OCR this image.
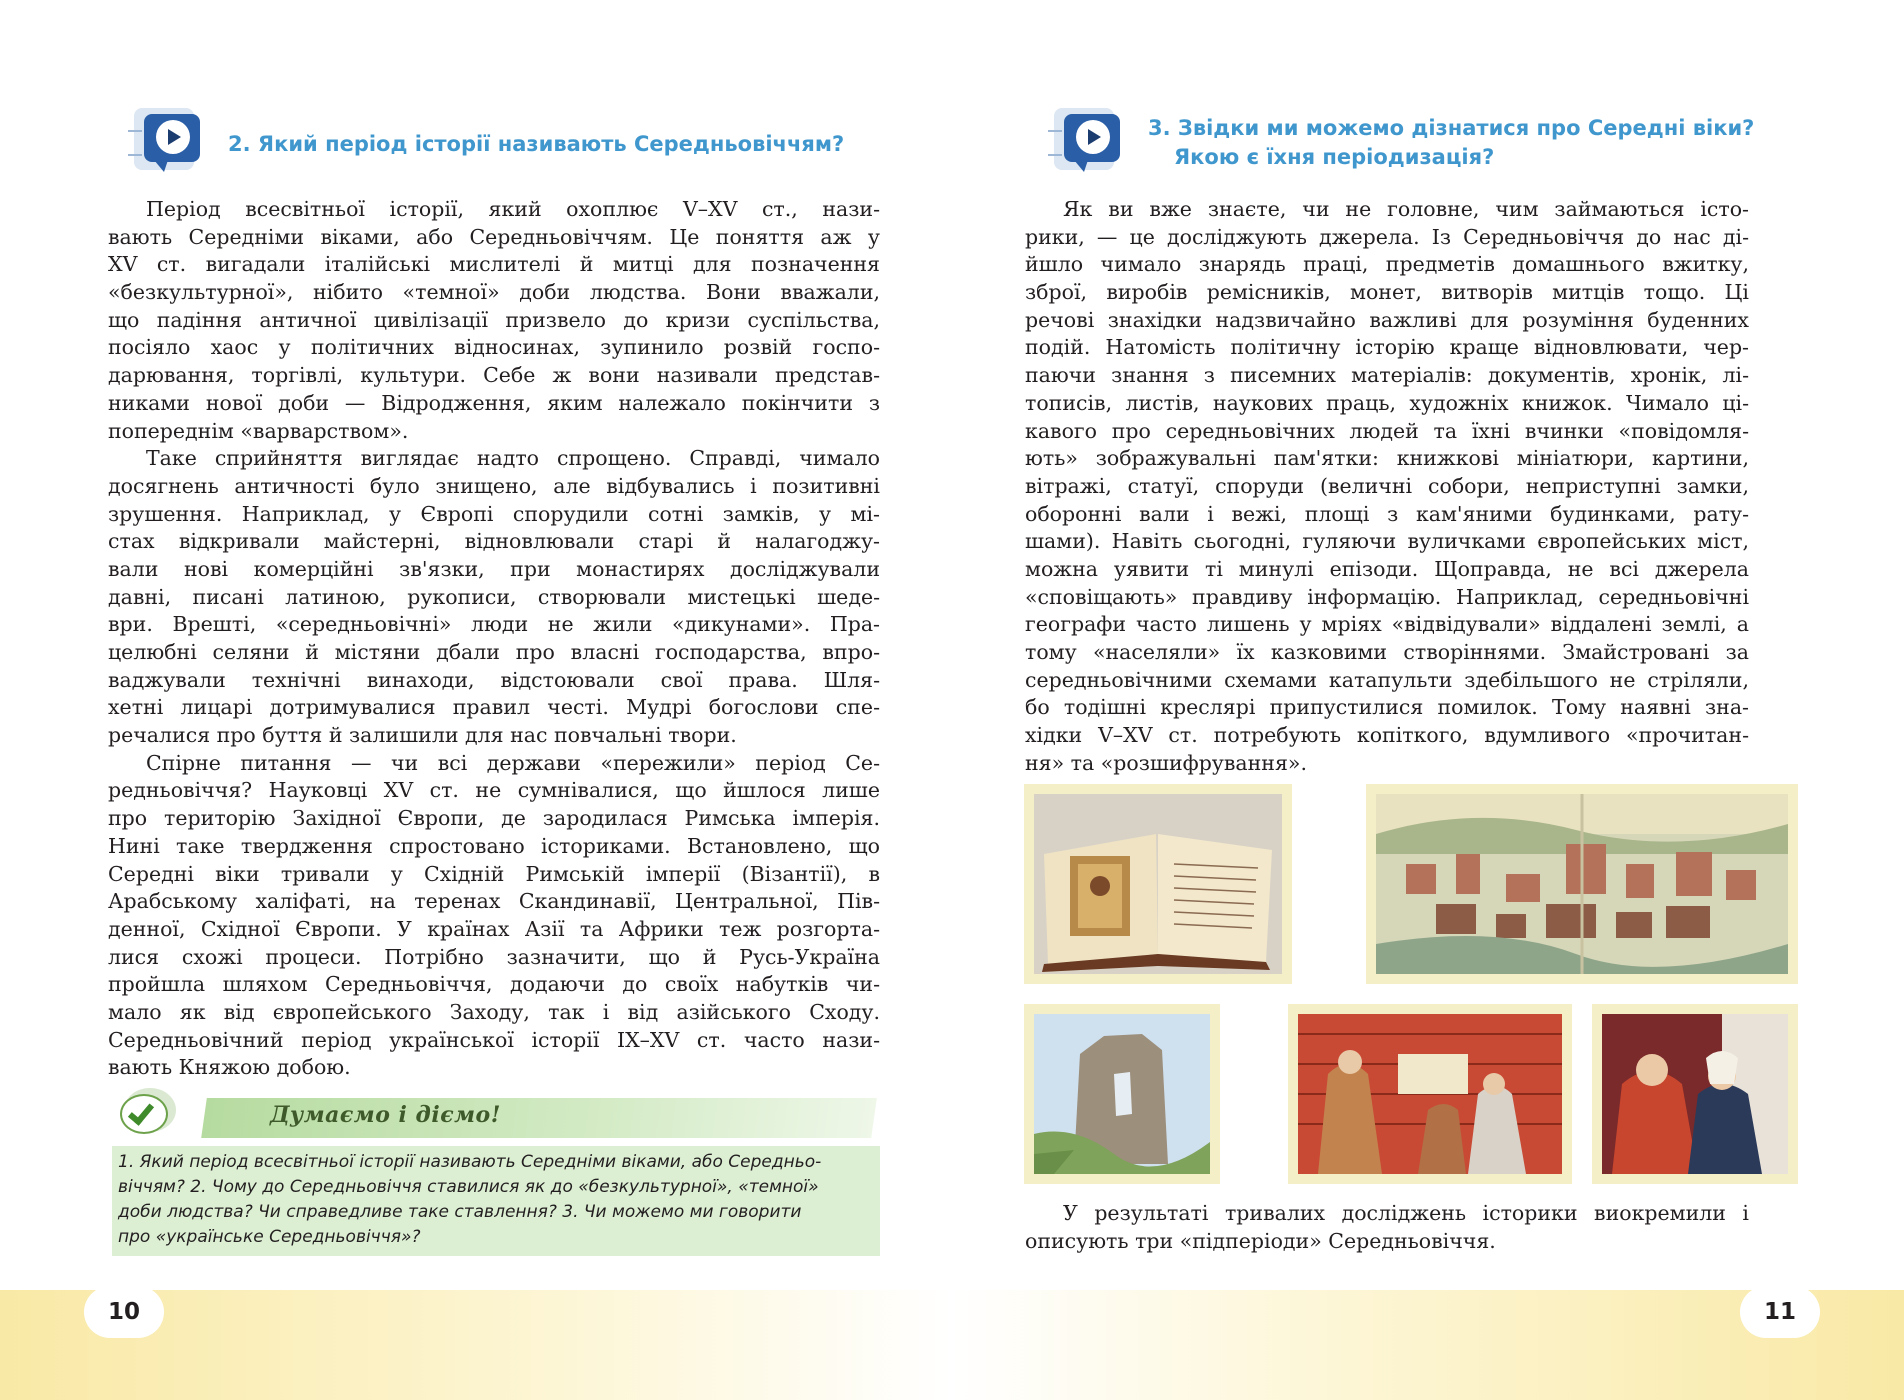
2. Який період історії називають Середньовіччям?
Період всесвітньої історії, який охоплює V–XV ст., нази-
вають Середніми віками, або Середньовіччям. Це поняття аж у
XV ст. вигадали італійські мислителі й митці для позначення
«безкультурної», нібито «темної» доби людства. Вони вважали,
що падіння античної цивілізації призвело до кризи суспільства,
посіяло хаос у політичних відносинах, зупинило розвій госпо-
дарювання, торгівлі, культури. Себе ж вони називали представ-
никами нової доби — Відродження, яким належало покінчити з
попереднім «варварством».
Таке сприйняття виглядає надто спрощено. Справді, чимало
досягнень античності було знищено, але відбувались і позитивні
зрушення. Наприклад, у Європі спорудили сотні замків, у мі-
стах відкривали майстерні, відновлювали старі й налагоджу-
вали нові комерційні зв'язки, при монастирях досліджували
давні, писані латиною, рукописи, створювали мистецькі шеде-
ври. Врешті, «середньовічні» люди не жили «дикунами». Пра-
целюбні селяни й містяни дбали про власні господарства, впро-
ваджували технічні винаходи, відстоювали свої права. Шля-
хетні лицарі дотримувалися правил честі. Мудрі богослови спе-
речалися про буття й залишили для нас повчальні твори.
Спірне питання — чи всі держави «пережили» період Се-
редньовіччя? Науковці XV ст. не сумнівалися, що йшлося лише
про територію Західної Європи, де зародилася Римська імперія.
Нині таке твердження спростовано істориками. Встановлено, що
Середні віки тривали у Східній Римській імперії (Візантії), в
Арабському халіфаті, на теренах Скандинавії, Центральної, Пів-
денної, Східної Європи. У країнах Азії та Африки теж розгорта-
лися схожі процеси. Потрібно зазначити, що й Русь-Україна
пройшла шляхом Середньовіччя, додаючи до своїх набутків чи-
мало як від європейського Заходу, так і від азійського Сходу.
Середньовічний період української історії IX–XV ст. часто нази-
вають Княжою добою.
Думаємо і діємо!
1. Який період всесвітньої історії називають Середніми віками, або Середньо-
віччям? 2. Чому до Середньовіччя ставилися як до «безкультурної», «темної»
доби людства? Чи справедливе таке ставлення? 3. Чи можемо ми говорити
про «українське Середньовіччя»?
10
3. Звідки ми можемо дізнатися про Середні віки?
Якою є їхня періодизація?
Як ви вже знаєте, чи не головне, чим займаються істо-
рики, — це досліджують джерела. Із Середньовіччя до нас ді-
йшло чимало знарядь праці, предметів домашнього вжитку,
зброї, виробів ремісників, монет, витворів митців тощо. Ці
речові знахідки надзвичайно важливі для розуміння буденних
подій. Натомість політичну історію краще відновлювати, чер-
паючи знання з писемних матеріалів: документів, хронік, лі-
тописів, листів, наукових праць, художніх книжок. Чимало ці-
кавого про середньовічних людей та їхні вчинки «повідомля-
ють» зображувальні пам'ятки: книжкові мініатюри, картини,
вітражі, статуї, споруди (величні собори, неприступні замки,
оборонні вали і вежі, площі з кам'яними будинками, рату-
шами). Навіть сьогодні, гуляючи вуличками європейських міст,
можна уявити ті минулі епізоди. Щоправда, не всі джерела
«сповіщають» правдиву інформацію. Наприклад, середньовічні
географи часто лишень у мріях «відвідували» віддалені землі, а
тому «населяли» їх казковими створіннями. Змайстровані за
середньовічними схемами катапульти здебільшого не стріляли,
бо тодішні креслярі припустилися помилок. Тому наявні зна-
хідки V–XV ст. потребують копіткого, вдумливого «прочитан-
ня» та «розшифрування».
У результаті тривалих досліджень історики виокремили і
описують три «підперіоди» Середньовіччя.
11
